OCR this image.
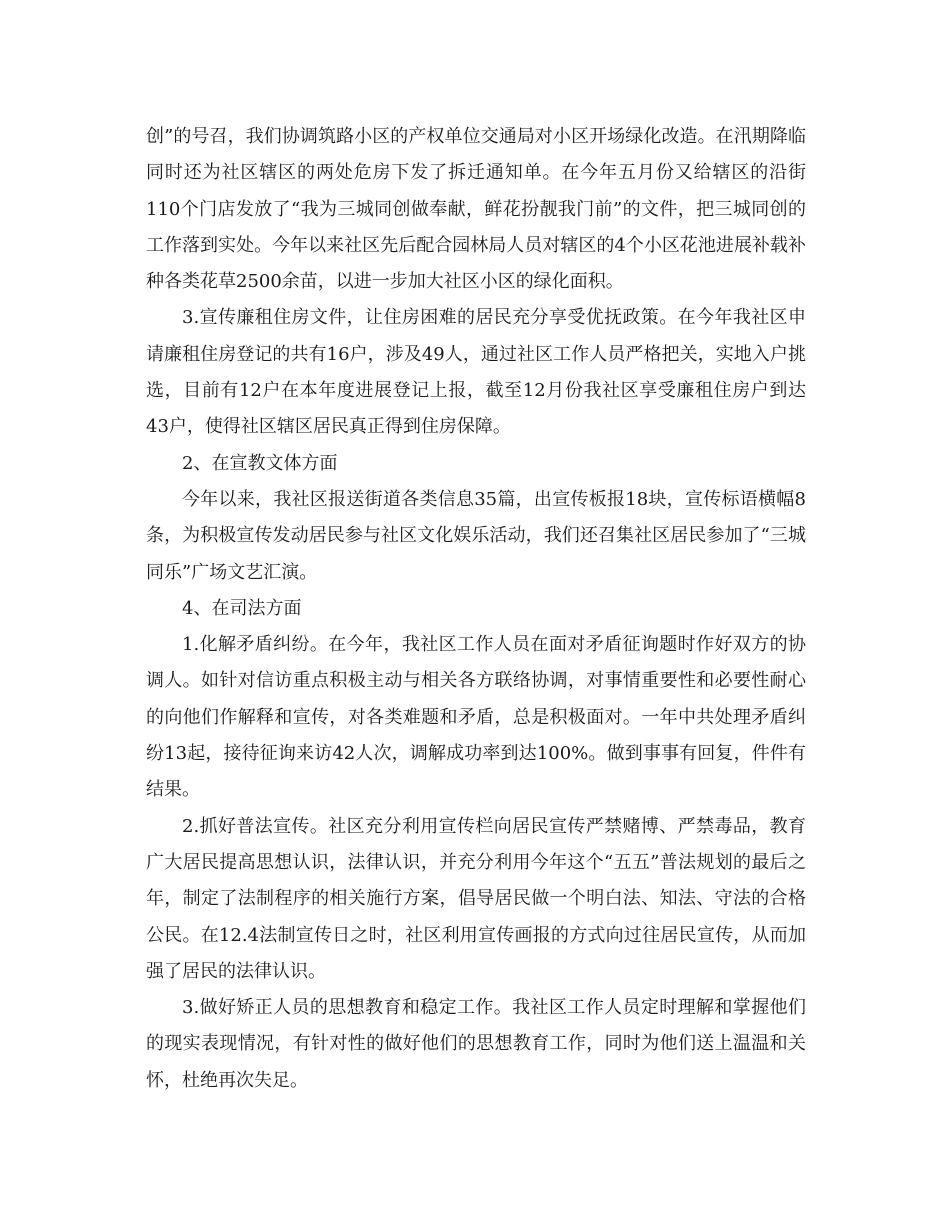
创”的号召，我们协调筑路小区的产权单位交通局对小区开场绿化改造。在汛期降临同时还为社区辖区的两处危房下发了拆迁通知单。在今年五月份又给辖区的沿街110个门店发放了“我为三城同创做奉献，鲜花扮靓我门前”的文件，把三城同创的工作落到实处。今年以来社区先后配合园林局人员对辖区的4个小区花池进展补载补种各类花草2500余苗，以进一步加大社区小区的绿化面积。

3.宣传廉租住房文件，让住房困难的居民充分享受优抚政策。在今年我社区申请廉租住房登记的共有16户，涉及49人，通过社区工作人员严格把关，实地入户挑选，目前有12户在本年度进展登记上报，截至12月份我社区享受廉租住房户到达43户，使得社区辖区居民真正得到住房保障。

2、在宣教文体方面

今年以来，我社区报送街道各类信息35篇，出宣传板报18块，宣传标语横幅8条，为积极宣传发动居民参与社区文化娱乐活动，我们还召集社区居民参加了“三城同乐”广场文艺汇演。

4、在司法方面

1.化解矛盾纠纷。在今年，我社区工作人员在面对矛盾征询题时作好双方的协调人。如针对信访重点积极主动与相关各方联络协调，对事情重要性和必要性耐心的向他们作解释和宣传，对各类难题和矛盾，总是积极面对。一年中共处理矛盾纠纷13起，接待征询来访42人次，调解成功率到达100%。做到事事有回复，件件有结果。

2.抓好普法宣传。社区充分利用宣传栏向居民宣传严禁赌博、严禁毒品，教育广大居民提高思想认识，法律认识，并充分利用今年这个“五五”普法规划的最后之年，制定了法制程序的相关施行方案，倡导居民做一个明白法、知法、守法的合格公民。在12.4法制宣传日之时，社区利用宣传画报的方式向过往居民宣传，从而加强了居民的法律认识。

3.做好矫正人员的思想教育和稳定工作。我社区工作人员定时理解和掌握他们的现实表现情况，有针对性的做好他们的思想教育工作，同时为他们送上温温和关怀，杜绝再次失足。
